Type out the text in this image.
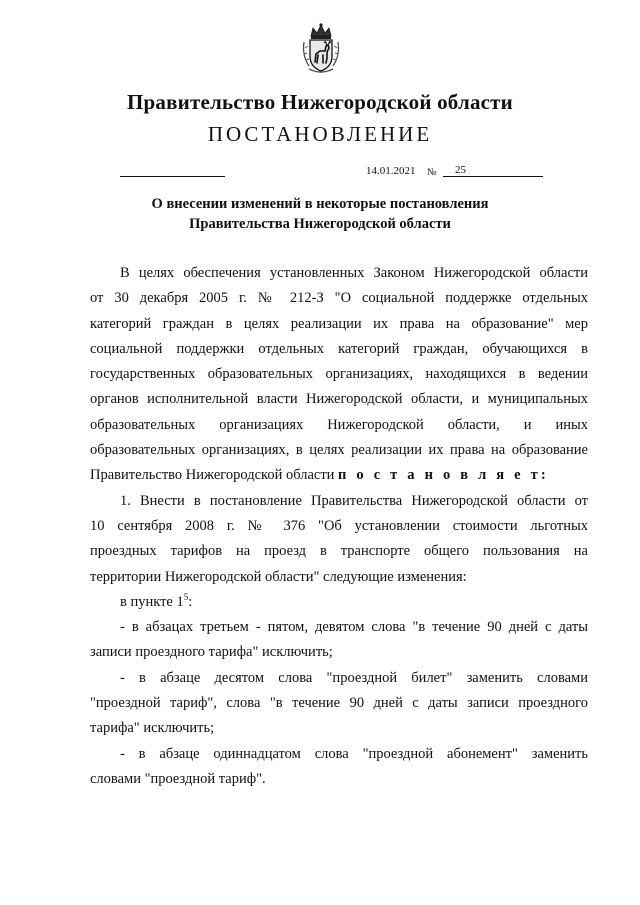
Правительство Нижегородской области
ПОСТАНОВЛЕНИЕ
14.01.2021 № 25
О внесении изменений в некоторые постановления
Правительства Нижегородской области
В целях обеспечения установленных Законом Нижегородской области
от 30 декабря 2005 г. № 212-З "О социальной поддержке отдельных
категорий граждан в целях реализации их права на образование" мер
социальной поддержки отдельных категорий граждан, обучающихся в
государственных образовательных организациях, находящихся в ведении
органов исполнительной власти Нижегородской области, и муниципальных
образовательных организациях Нижегородской области, и иных
образовательных организациях, в целях реализации их права на образование
Правительство Нижегородской области п о с т а н о в л я е т:
1. Внести в постановление Правительства Нижегородской области от
10 сентября 2008 г. № 376 "Об установлении стоимости льготных
проездных тарифов на проезд в транспорте общего пользования на
территории Нижегородской области" следующие изменения:
в пункте $1^5$:
- в абзацах третьем - пятом, девятом слова "в течение 90 дней с даты
записи проездного тарифа" исключить;
- в абзаце десятом слова "проездной билет" заменить словами
"проездной тариф", слова "в течение 90 дней с даты записи проездного
тарифа" исключить;
- в абзаце одиннадцатом слова "проездной абонемент" заменить
словами "проездной тариф".
